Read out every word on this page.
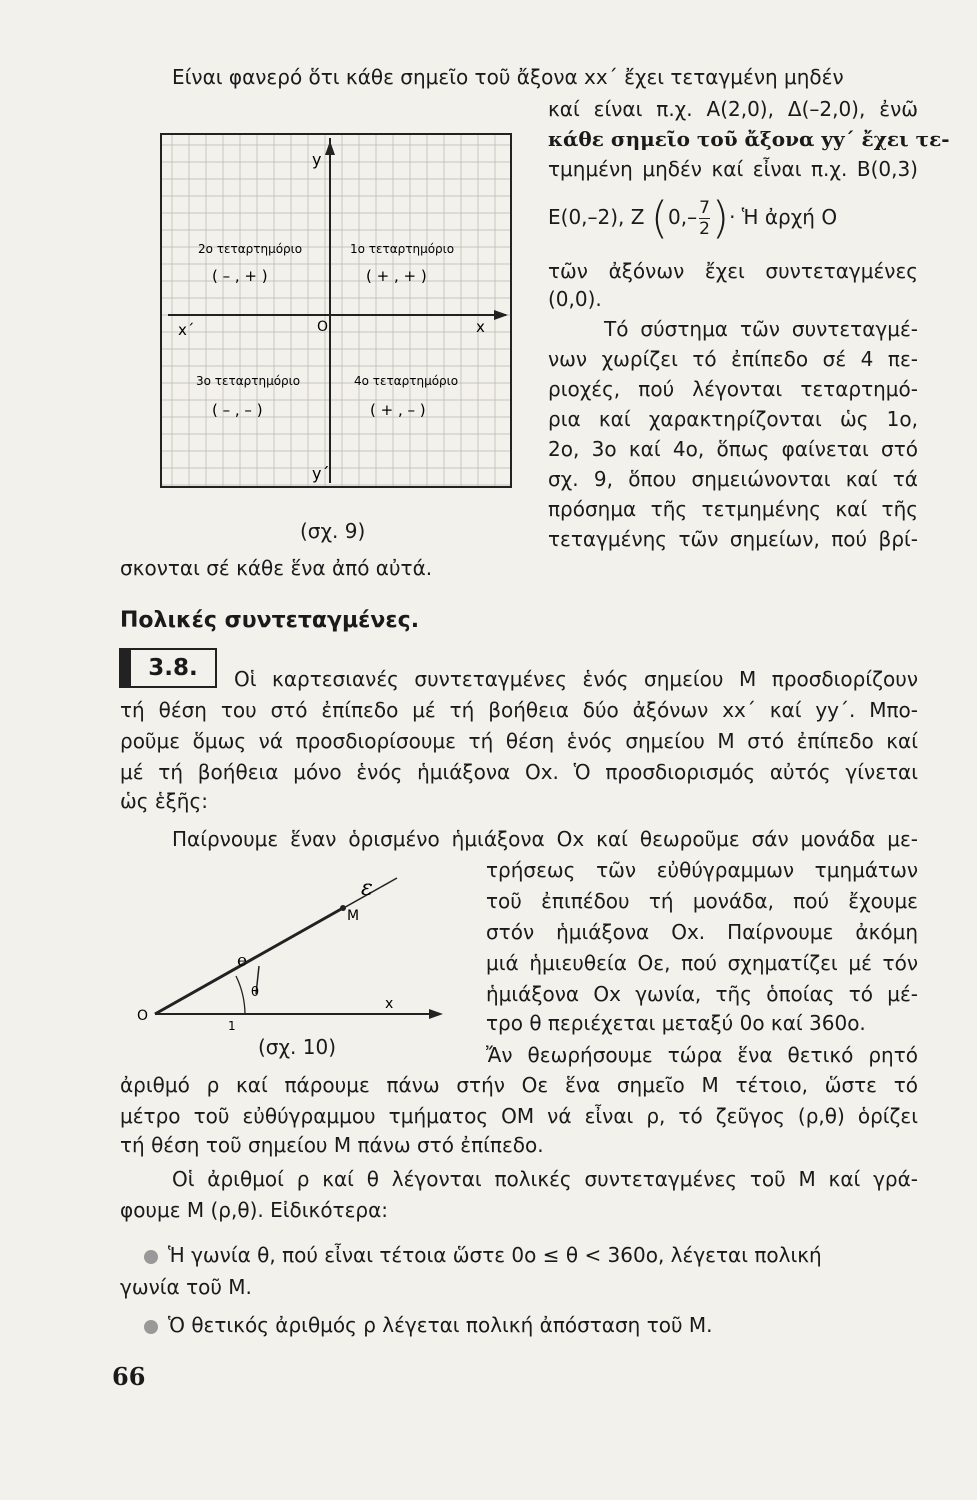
Είναι φανερό ὅτι κάθε σημεῖο τοῦ ἄξονα xx΄ ἔχει τεταγμένη μηδέν
y
y΄
x΄	x
O
2ο τεταρτημόριο
( – , + )
1ο τεταρτημόριο
( + , + )
3ο τεταρτημόριο
( – , – )
4ο τεταρτημόριο
( + , – )
καί είναι π.χ. Α(2,0), Δ(–2,0), ἐνῶ
κάθε σημεῖο τοῦ ἄξονα yy΄ ἔχει τε-
τμημένη μηδέν καί εἶναι π.χ. Β(0,3)
Ε(0,–2), Ζ ($0,- \frac{7}{2}$ )· Ἡ ἀρχή Ο
τῶν ἀξόνων ἔχει συντεταγμένες
(0,0).
Τό σύστημα τῶν συντεταγμέ-
νων χωρίζει τό ἐπίπεδο σέ 4 πε-
ριοχές, πού λέγονται τεταρτημό-
ρια καί χαρακτηρίζονται ὡς 1ο,
2ο, 3ο καί 4ο, ὅπως φαίνεται στό
σχ. 9, ὅπου σημειώνονται καί τά
πρόσημα τῆς τετμημένης καί τῆς
τεταγμένης τῶν σημείων, πού βρί-
(σχ. 9)
σκονται σέ κάθε ἕνα ἀπό αὐτά.
Πολικές συντεταγμένες.
3.8.	Οἱ καρτεσιανές συντεταγμένες ἑνός σημείου Μ προσδιορίζουν
τή θέση του στό ἐπίπεδο μέ τή βοήθεια δύο ἀξόνων xx΄ καί yy΄. Μπο-
ροῦμε ὅμως νά προσδιορίσουμε τή θέση ἑνός σημείου Μ στό ἐπίπεδο καί
μέ τή βοήθεια μόνο ἑνός ἡμιάξονα Οx. Ὁ προσδιορισμός αὐτός γίνεται
ὡς ἑξῆς:
Παίρνουμε ἕναν ὁρισμένο ἡμιάξονα Οx καί θεωροῦμε σάν μονάδα με-
ε
M
e
θ
O
1
x
τρήσεως τῶν εὐθύγραμμων τμημάτων
τοῦ ἐπιπέδου τή μονάδα, πού ἔχουμε
στόν ἡμιάξονα Οx. Παίρνουμε ἀκόμη
μιά ἡμιευθεία Οε, πού σχηματίζει μέ τόν
ἡμιάξονα Οx γωνία, τῆς ὁποίας τό μέ-
τρο θ περιέχεται μεταξύ 0ο καί 360ο.
Ἄν θεωρήσουμε τώρα ἕνα θετικό ρητό
(σχ. 10)
ἀριθμό ρ καί πάρουμε πάνω στήν Οε ἕνα σημεῖο Μ τέτοιο, ὥστε τό
μέτρο τοῦ εὐθύγραμμου τμήματος ΟΜ νά εἶναι ρ, τό ζεῦγος (ρ,θ) ὁρίζει
τή θέση τοῦ σημείου Μ πάνω στό ἐπίπεδο.
Οἱ ἀριθμοί ρ καί θ λέγονται πολικές συντεταγμένες τοῦ Μ καί γρά-
φουμε Μ (ρ,θ). Εἰδικότερα:
Ἡ γωνία θ, πού εἶναι τέτοια ὥστε 0ο ≤ θ < 360ο, λέγεται πολική
γωνία τοῦ Μ.
Ὁ θετικός ἀριθμός ρ λέγεται πολική ἀπόσταση τοῦ Μ.
66
